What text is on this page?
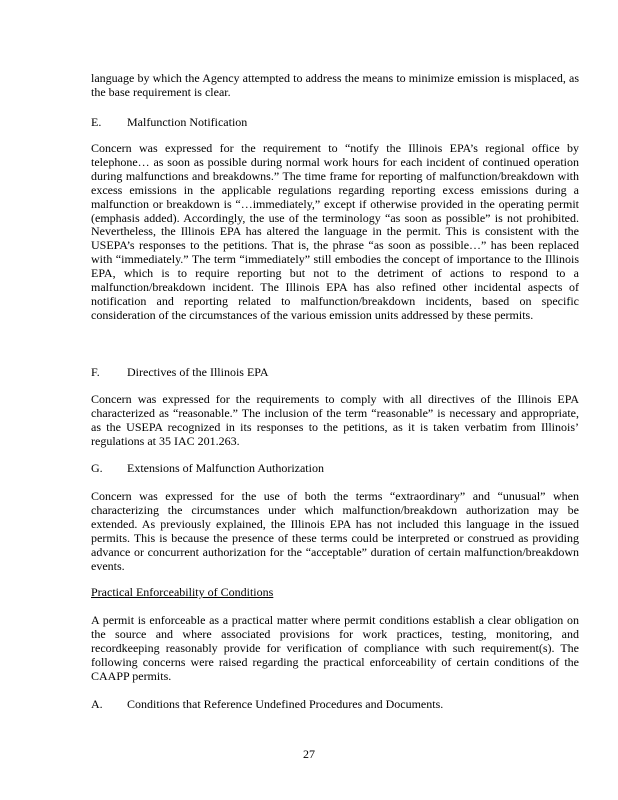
language by which the Agency attempted to address the means to minimize emission is misplaced, as the base requirement is clear.

E. Malfunction Notification

Concern was expressed for the requirement to “notify the Illinois EPA’s regional office by telephone… as soon as possible during normal work hours for each incident of continued operation during malfunctions and breakdowns.” The time frame for reporting of malfunction/breakdown with excess emissions in the applicable regulations regarding reporting excess emissions during a malfunction or breakdown is “…immediately,” except if otherwise provided in the operating permit (emphasis added). Accordingly, the use of the terminology “as soon as possible” is not prohibited. Nevertheless, the Illinois EPA has altered the language in the permit. This is consistent with the USEPA’s responses to the petitions. That is, the phrase “as soon as possible…” has been replaced with “immediately.” The term “immediately” still embodies the concept of importance to the Illinois EPA, which is to require reporting but not to the detriment of actions to respond to a malfunction/breakdown incident. The Illinois EPA has also refined other incidental aspects of notification and reporting related to malfunction/breakdown incidents, based on specific consideration of the circumstances of the various emission units addressed by these permits.

F. Directives of the Illinois EPA

Concern was expressed for the requirements to comply with all directives of the Illinois EPA characterized as “reasonable.” The inclusion of the term “reasonable” is necessary and appropriate, as the USEPA recognized in its responses to the petitions, as it is taken verbatim from Illinois’ regulations at 35 IAC 201.263.

G. Extensions of Malfunction Authorization

Concern was expressed for the use of both the terms “extraordinary” and “unusual” when characterizing the circumstances under which malfunction/breakdown authorization may be extended. As previously explained, the Illinois EPA has not included this language in the issued permits. This is because the presence of these terms could be interpreted or construed as providing advance or concurrent authorization for the “acceptable” duration of certain malfunction/breakdown events.

Practical Enforceability of Conditions

A permit is enforceable as a practical matter where permit conditions establish a clear obligation on the source and where associated provisions for work practices, testing, monitoring, and recordkeeping reasonably provide for verification of compliance with such requirement(s). The following concerns were raised regarding the practical enforceability of certain conditions of the CAAPP permits.

A. Conditions that Reference Undefined Procedures and Documents.
27
